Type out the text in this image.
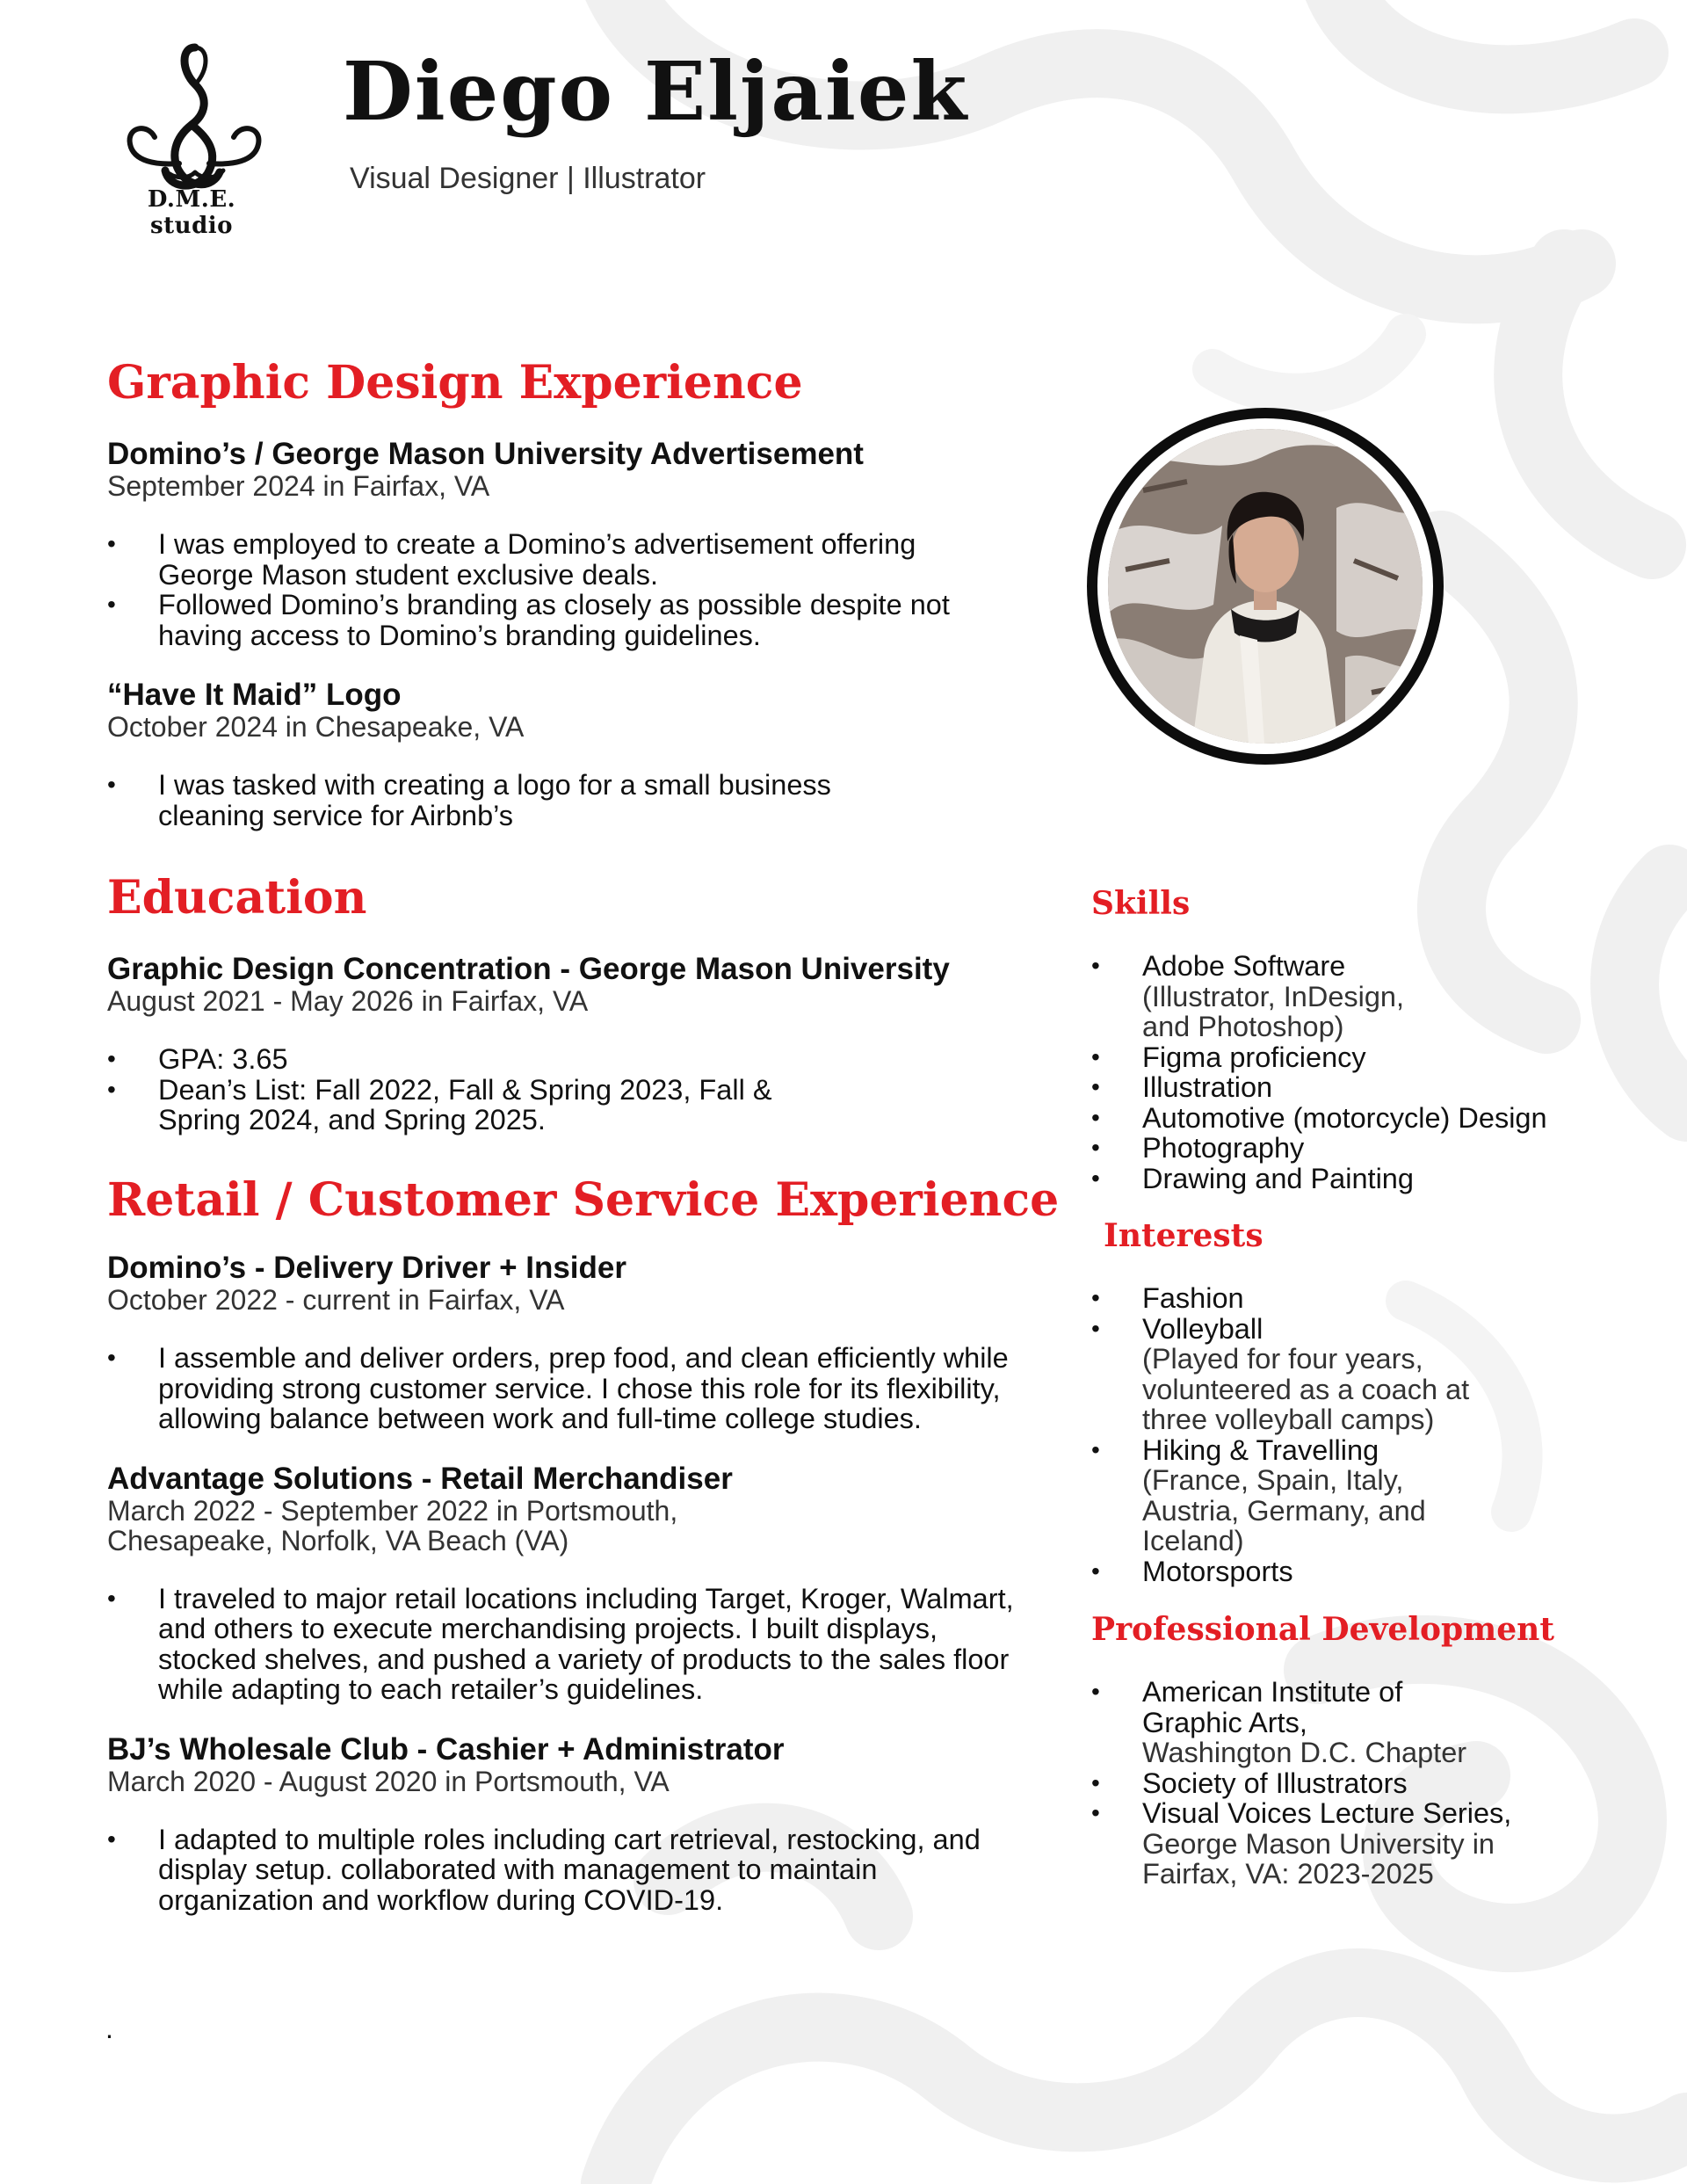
D.M.E. studio
Diego Eljaiek
Visual Designer | Illustrator
Graphic Design Experience

Domino’s / George Mason University Advertisement

September 2024 in Fairfax, VA

• I was employed to create a Domino’s advertisement offering George Mason student exclusive deals.
• Followed Domino’s branding as closely as possible despite not having access to Domino’s branding guidelines.

“Have It Maid” Logo

October 2024 in Chesapeake, VA

• I was tasked with creating a logo for a small business cleaning service for Airbnb’s
Education

Graphic Design Concentration - George Mason University

August 2021 - May 2026 in Fairfax, VA

• GPA: 3.65
• Dean’s List: Fall 2022, Fall & Spring 2023, Fall & Spring 2024, and Spring 2025.
Retail / Customer Service Experience

Domino’s - Delivery Driver + Insider

October 2022 - current in Fairfax, VA

• I assemble and deliver orders, prep food, and clean efficiently while providing strong customer service. I chose this role for its flexibility, allowing balance between work and full-time college studies.

Advantage Solutions - Retail Merchandiser

March 2022 - September 2022 in Portsmouth, Chesapeake, Norfolk, VA Beach (VA)

• I traveled to major retail locations including Target, Kroger, Walmart, and others to execute merchandising projects. I built displays, stocked shelves, and pushed a variety of products to the sales floor while adapting to each retailer’s guidelines.

BJ’s Wholesale Club - Cashier + Administrator

March 2020 - August 2020 in Portsmouth, VA

• I adapted to multiple roles including cart retrieval, restocking, and display setup. collaborated with management to maintain organization and workflow during COVID-19.
.
Skills
• Adobe Software
(Illustrator, InDesign, and Photoshop)
• Figma proficiency
• Illustration
• Automotive (motorcycle) Design
• Photography
• Drawing and Painting
Interests
• Fashion
• Volleyball
(Played for four years, volunteered as a coach at three volleyball camps)
• Hiking & Travelling
(France, Spain, Italy, Austria, Germany, and Iceland)
• Motorsports
Professional Development
• American Institute of Graphic Arts,
Washington D.C. Chapter
• Society of Illustrators
• Visual Voices Lecture Series,
George Mason University in Fairfax, VA: 2023-2025
